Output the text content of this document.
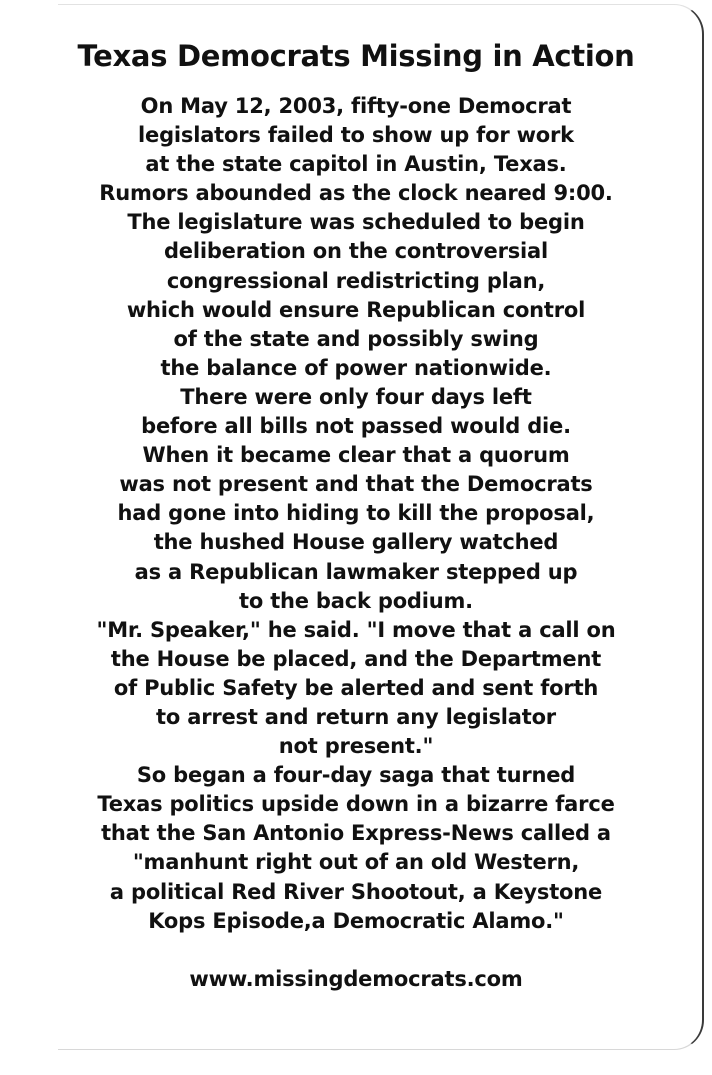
Texas Democrats Missing in Action
On May 12, 2003, fifty-one Democrat
legislators failed to show up for work
at the state capitol in Austin, Texas.
Rumors abounded as the clock neared 9:00.
The legislature was scheduled to begin
deliberation on the controversial
congressional redistricting plan,
which would ensure Republican control
of the state and possibly swing
the balance of power nationwide.
There were only four days left
before all bills not passed would die.
When it became clear that a quorum
was not present and that the Democrats
had gone into hiding to kill the proposal,
the hushed House gallery watched
as a Republican lawmaker stepped up
to the back podium.
"Mr. Speaker," he said. "I move that a call on
the House be placed, and the Department
of Public Safety be alerted and sent forth
to arrest and return any legislator
not present."
So began a four-day saga that turned
Texas politics upside down in a bizarre farce
that the San Antonio Express-News called a
"manhunt right out of an old Western,
a political Red River Shootout, a Keystone
Kops Episode,a Democratic Alamo."
www.missingdemocrats.com
